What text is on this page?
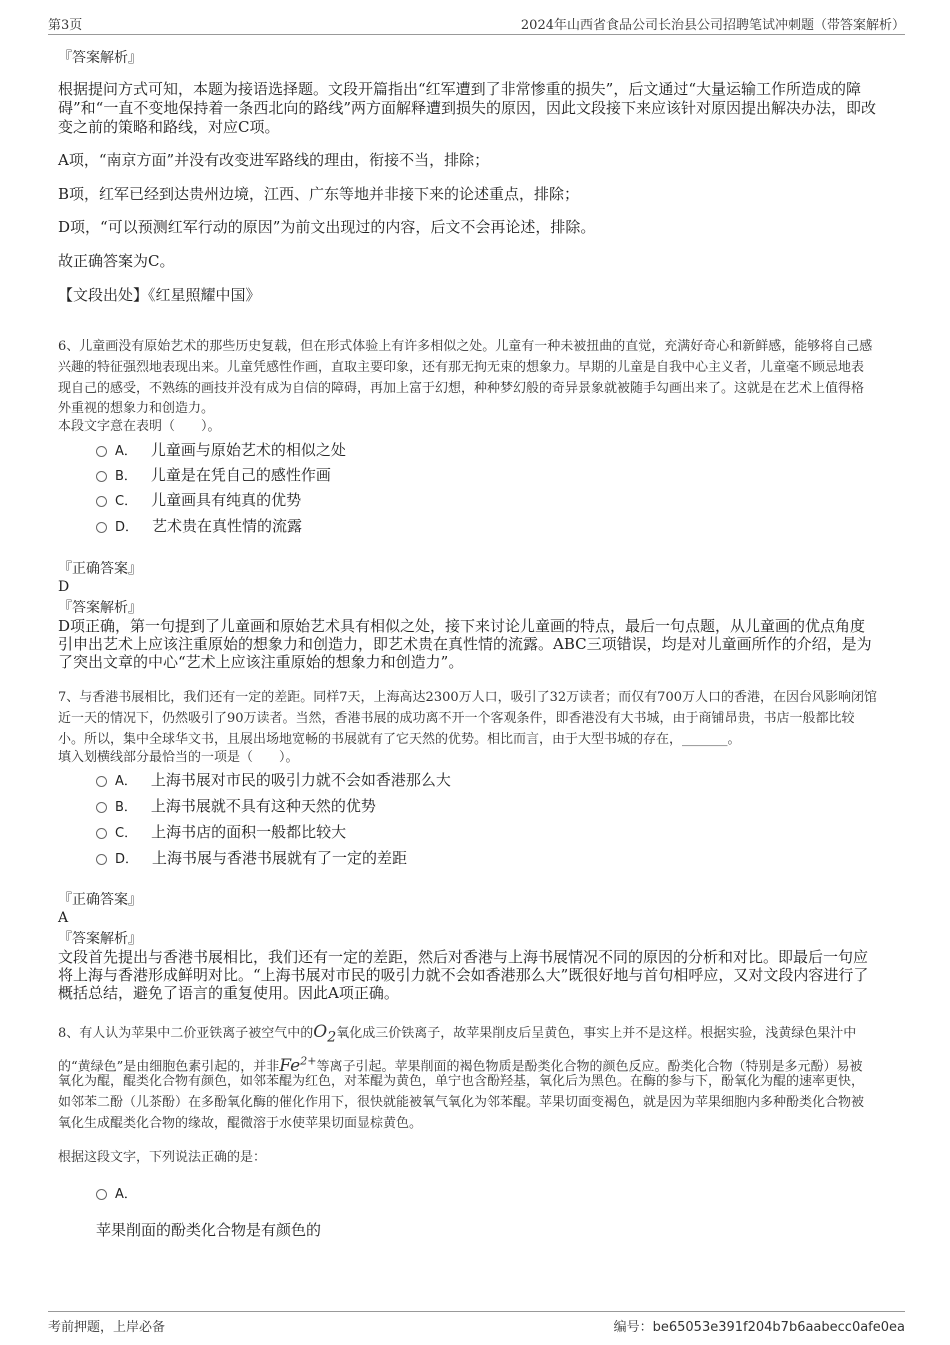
第3页	2024年山西省食品公司长治县公司招聘笔试冲刺题（带答案解析）
『答案解析』
根据提问方式可知，本题为接语选择题。文段开篇指出“红军遭到了非常惨重的损失”，后文通过“大量运输工作所造成的障
碍”和“一直不变地保持着一条西北向的路线”两方面解释遭到损失的原因，因此文段接下来应该针对原因提出解决办法，即改
变之前的策略和路线，对应C项。
A项，“南京方面”并没有改变进军路线的理由，衔接不当，排除；
B项，红军已经到达贵州边境，江西、广东等地并非接下来的论述重点，排除；
D项，“可以预测红军行动的原因”为前文出现过的内容，后文不会再论述，排除。
故正确答案为C。
【文段出处】《红星照耀中国》
6、儿童画没有原始艺术的那些历史复载，但在形式体验上有许多相似之处。儿童有一种未被扭曲的直觉，充满好奇心和新鲜感，能够将自己感
兴趣的特征强烈地表现出来。儿童凭感性作画，直取主要印象，还有那无拘无束的想象力。早期的儿童是自我中心主义者，儿童毫不顾忌地表
现自己的感受，不熟练的画技并没有成为自信的障碍，再加上富于幻想，种种梦幻般的奇异景象就被随手勾画出来了。这就是在艺术上值得格
外重视的想象力和创造力。
本段文字意在表明（　　）。
A． 儿童画与原始艺术的相似之处
B． 儿童是在凭自己的感性作画
C． 儿童画具有纯真的优势
D． 艺术贵在真性情的流露
『正确答案』
D
『答案解析』
D项正确，第一句提到了儿童画和原始艺术具有相似之处，接下来讨论儿童画的特点，最后一句点题，从儿童画的优点角度
引申出艺术上应该注重原始的想象力和创造力，即艺术贵在真性情的流露。ABC三项错误，均是对儿童画所作的介绍，是为
了突出文章的中心“艺术上应该注重原始的想象力和创造力”。
7、与香港书展相比，我们还有一定的差距。同样7天，上海高达2300万人口，吸引了32万读者；而仅有700万人口的香港，在因台风影响闭馆
近一天的情况下，仍然吸引了90万读者。当然，香港书展的成功离不开一个客观条件，即香港没有大书城，由于商铺昂贵，书店一般都比较
小。所以，集中全球华文书，且展出场地宽畅的书展就有了它天然的优势。相比而言，由于大型书城的存在，_______。
填入划横线部分最恰当的一项是（　　）。
A． 上海书展对市民的吸引力就不会如香港那么大
B． 上海书展就不具有这种天然的优势
C． 上海书店的面积一般都比较大
D． 上海书展与香港书展就有了一定的差距
『正确答案』
A
『答案解析』
文段首先提出与香港书展相比，我们还有一定的差距，然后对香港与上海书展情况不同的原因的分析和对比。即最后一句应
将上海与香港形成鲜明对比。“上海书展对市民的吸引力就不会如香港那么大”既很好地与首句相呼应，又对文段内容进行了
概括总结，避免了语言的重复使用。因此A项正确。
8、有人认为苹果中二价亚铁离子被空气中的$O_2$氧化成三价铁离子，故苹果削皮后呈黄色，事实上并不是这样。根据实验，浅黄绿色果汁中
的“黄绿色”是由细胞色素引起的，并非$Fe^{2+}$等离子引起。苹果削面的褐色物质是酚类化合物的颜色反应。酚类化合物（特别是多元酚）易被
氧化为醌，醌类化合物有颜色，如邻苯醌为红色，对苯醌为黄色，单宁也含酚羟基，氧化后为黑色。在酶的参与下，酚氧化为醌的速率更快，
如邻苯二酚（儿茶酚）在多酚氧化酶的催化作用下，很快就能被氧气氧化为邻苯醌。苹果切面变褐色，就是因为苹果细胞内多种酚类化合物被
氧化生成醌类化合物的缘故，醌微溶于水使苹果切面显棕黄色。
根据这段文字，下列说法正确的是：
A．
苹果削面的酚类化合物是有颜色的
考前押题，上岸必备	编号：be65053e391f204b7b6aabecc0afe0ea
